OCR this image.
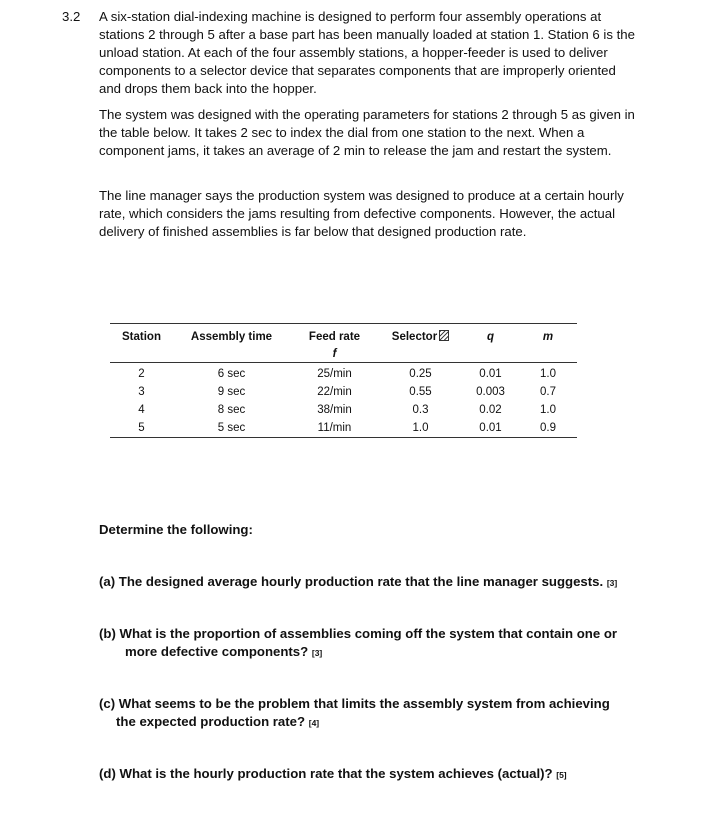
3.2 A six-station dial-indexing machine is designed to perform four assembly operations at stations 2 through 5 after a base part has been manually loaded at station 1. Station 6 is the unload station. At each of the four assembly stations, a hopper-feeder is used to deliver components to a selector device that separates components that are improperly oriented and drops them back into the hopper.

The system was designed with the operating parameters for stations 2 through 5 as given in the table below. It takes 2 sec to index the dial from one station to the next. When a component jams, it takes an average of 2 min to release the jam and restart the system.

The line manager says the production system was designed to produce at a certain hourly rate, which considers the jams resulting from defective components. However, the actual delivery of finished assemblies is far below that designed production rate.

Station	Assembly time	Feed rate	Selector	q	m
		f			
2	6 sec	25/min	0.25	0.01	1.0
3	9 sec	22/min	0.55	0.003	0.7
4	8 sec	38/min	0.3	0.02	1.0
5	5 sec	11/min	1.0	0.01	0.9
Determine the following:
(a) The designed average hourly production rate that the line manager suggests. [3]
(b) What is the proportion of assemblies coming off the system that contain one or
more defective components? [3]
(c) What seems to be the problem that limits the assembly system from achieving
the expected production rate? [4]
(d) What is the hourly production rate that the system achieves (actual)? [5]
